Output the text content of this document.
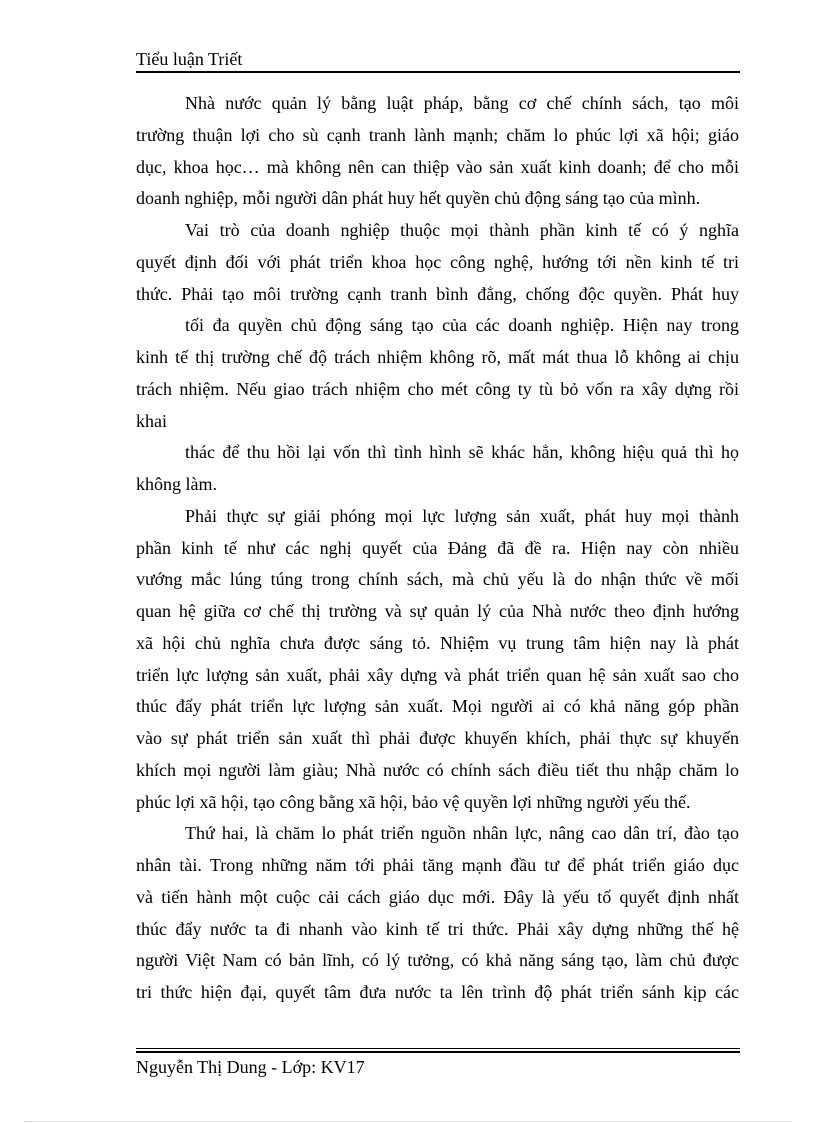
Tiểu luận Triết
Nhà nước quản lý bằng luật pháp, bằng cơ chế chính sách, tạo môi
trường thuận lợi cho sù cạnh tranh lành mạnh; chăm lo phúc lợi xã hội; giáo
dục, khoa học… mà không nên can thiệp vào sản xuất kinh doanh; để cho mỗi
doanh nghiệp, mỗi người dân phát huy hết quyền chủ động sáng tạo của mình.
Vai trò của doanh nghiệp thuộc mọi thành phần kinh tế có ý nghĩa
quyết định đối với phát triển khoa học công nghệ, hướng tới nền kinh tế tri
thức. Phải tạo môi trường cạnh tranh bình đẳng, chống độc quyền. Phát huy
tối đa quyền chủ động sáng tạo của các doanh nghiệp. Hiện nay trong
kinh tế thị trường chế độ trách nhiệm không rõ, mất mát thua lỗ không ai chịu
trách nhiệm. Nếu giao trách nhiệm cho mét công ty tù bỏ vốn ra xây dựng rồi
khai
thác để thu hồi lại vốn thì tình hình sẽ khác hẳn, không hiệu quả thì họ
không làm.
Phải thực sự giải phóng mọi lực lượng sản xuất, phát huy mọi thành
phần kinh tế như các nghị quyết của Đảng đã đề ra. Hiện nay còn nhiều
vướng mắc lúng túng trong chính sách, mà chủ yếu là do nhận thức về mối
quan hệ giữa cơ chế thị trường và sự quản lý của Nhà nước theo định hướng
xã hội chủ nghĩa chưa được sáng tỏ. Nhiệm vụ trung tâm hiện nay là phát
triển lực lượng sản xuất, phải xây dựng và phát triển quan hệ sản xuất sao cho
thúc đẩy phát triển lực lượng sản xuất. Mọi người ai có khả năng góp phần
vào sự phát triển sản xuất thì phải được khuyến khích, phải thực sự khuyến
khích mọi người làm giàu; Nhà nước có chính sách điều tiết thu nhập chăm lo
phúc lợi xã hội, tạo công bằng xã hội, bảo vệ quyền lợi những người yếu thế.
Thứ hai, là chăm lo phát triển nguồn nhân lực, nâng cao dân trí, đào tạo
nhân tài. Trong những năm tới phải tăng mạnh đầu tư để phát triển giáo dục
và tiến hành một cuộc cải cách giáo dục mới. Đây là yếu tố quyết định nhất
thúc đẩy nước ta đi nhanh vào kinh tế tri thức. Phải xây dựng những thế hệ
người Việt Nam có bản lĩnh, có lý tưởng, có khả năng sáng tạo, làm chủ được
tri thức hiện đại, quyết tâm đưa nước ta lên trình độ phát triển sánh kịp các
Nguyễn Thị Dung - Lớp: KV17
